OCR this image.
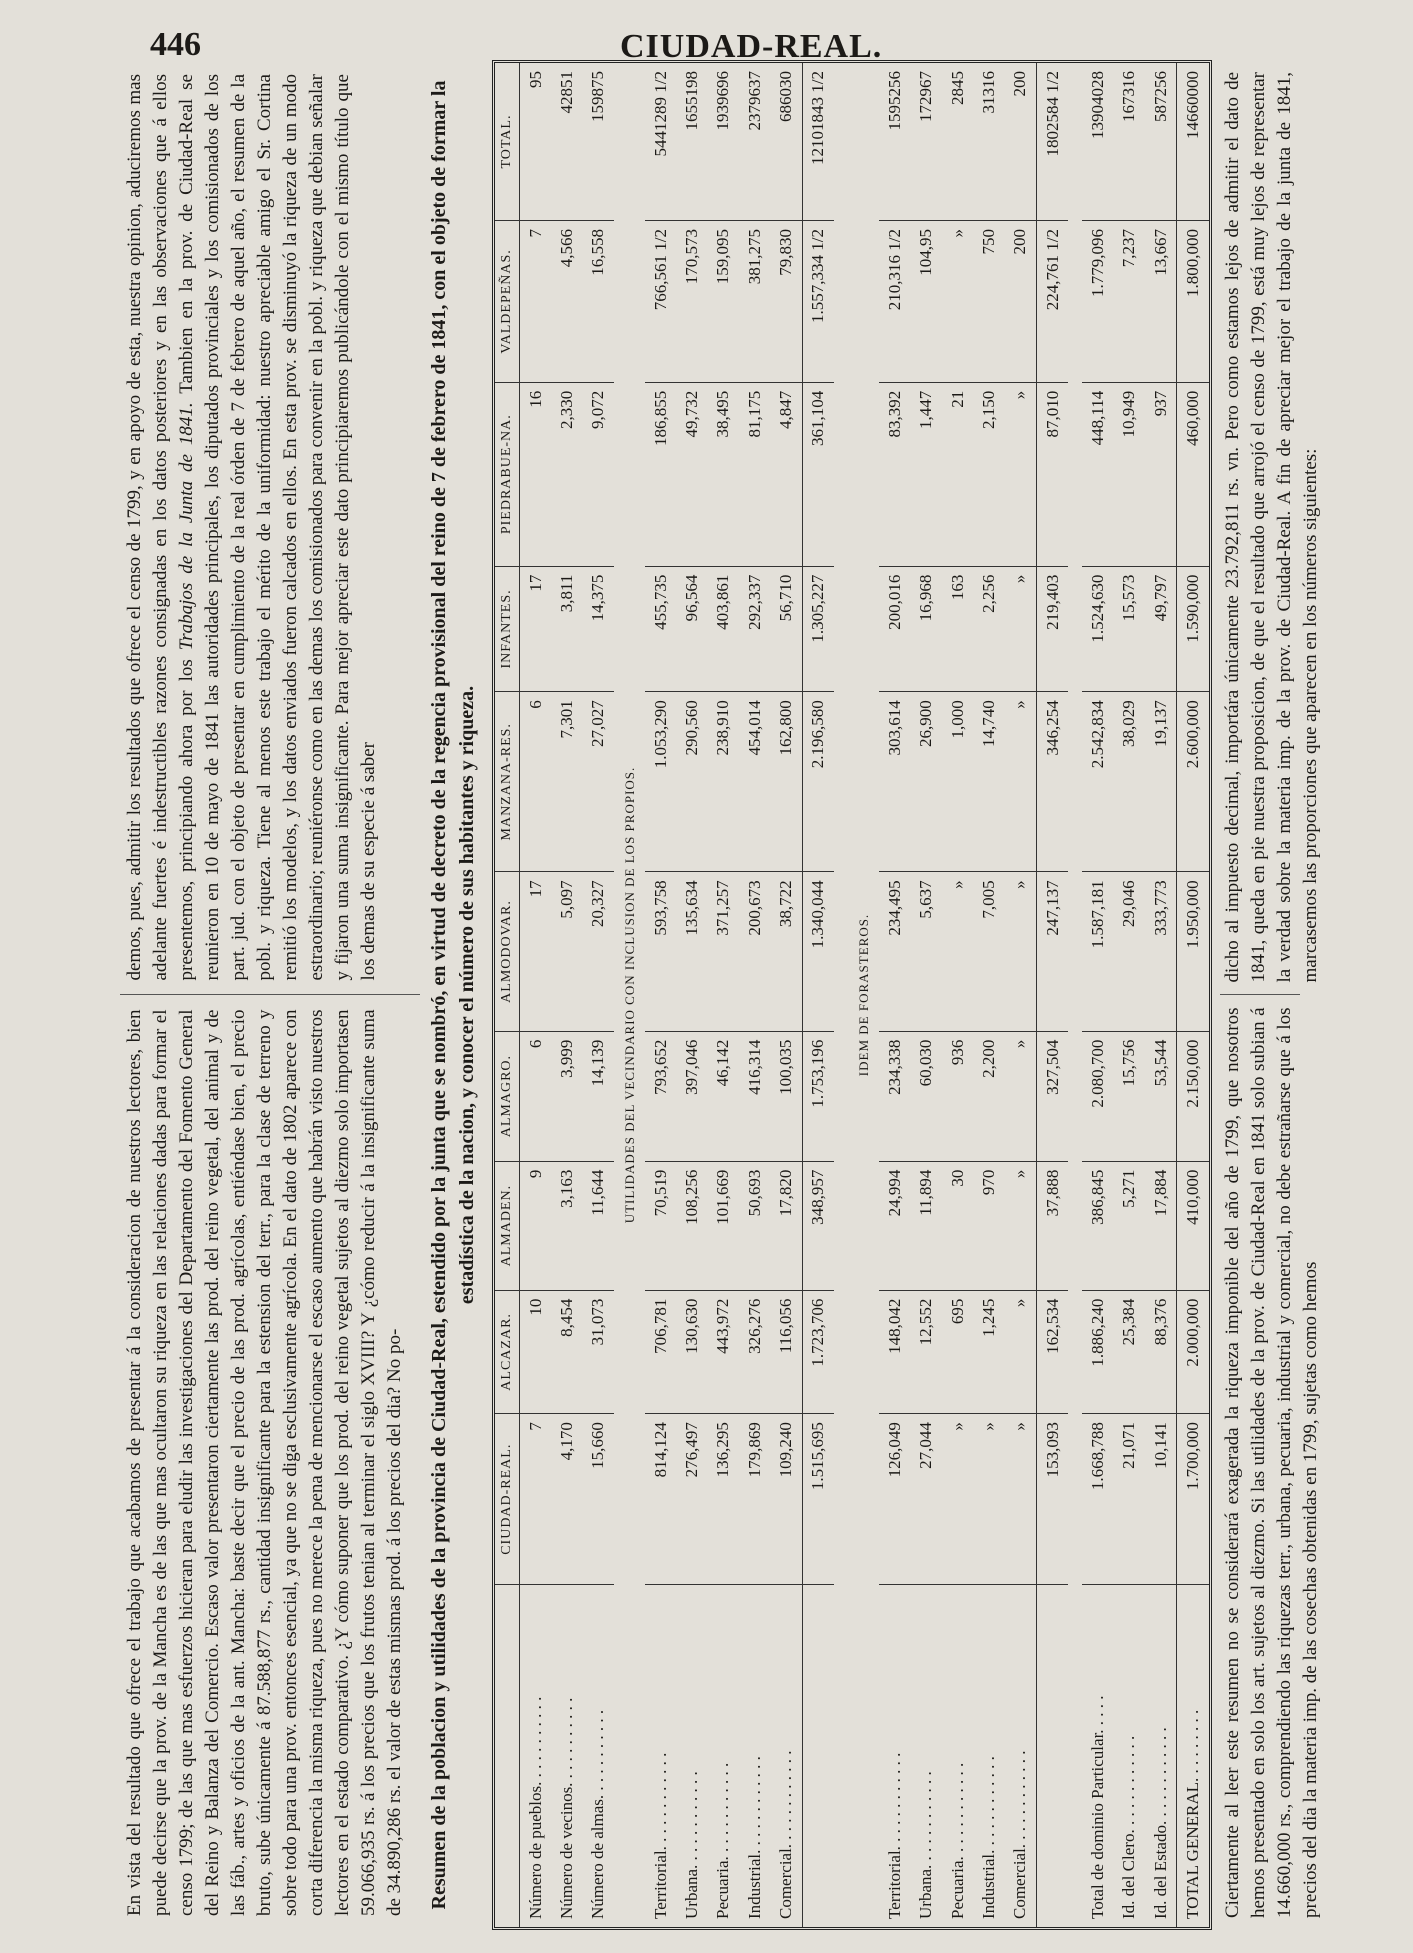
446	CIUDAD-REAL.

En vista del resultado que ofrece el trabajo que acabamos de presentar á la consideracion de nuestros lectores, bien puede decirse que la prov. de la Mancha es de las que mas ocultaron su riqueza en las relaciones dadas para formar el censo 1799; de las que mas esfuerzos hicieran para eludir las investigaciones del Departamento del Fomento General del Reino y Balanza del Comercio. Escaso valor presentaron ciertamente las prod. del reino vegetal, del animal y de las fáb., artes y oficios de la ant. Mancha: baste decir que el precio de las prod. agrícolas, entiéndase bien, el precio bruto, sube únicamente á 87.588,877 rs., cantidad insignificante para la estension del terr., para la clase de terreno y sobre todo para una prov. entonces esencial, ya que no se diga esclusivamente agrícola. En el dato de 1802 aparece con corta diferencia la misma riqueza, pues no merece la pena de mencionarse el escaso aumento que habrán visto nuestros lectores en el estado comparativo. ¿Y cómo suponer que los prod. del reino vegetal sujetos al diezmo solo importasen 59.066,935 rs. á los precios que los frutos tenian al terminar el siglo XVIII? Y ¿cómo reducir á la insignificante suma de 34.890,286 rs. el valor de estas mismas prod. á los precios del dia? No po-

demos, pues, admitir los resultados que ofrece el censo de 1799, y en apoyo de esta, nuestra opinion, aduciremos mas adelante fuertes é indestructibles razones consignadas en los datos posteriores y en las observaciones que á ellos presentemos, principiando ahora por los Trabajos de la Junta de 1841. Tambien en la prov. de Ciudad-Real se reunieron en 10 de mayo de 1841 las autoridades principales, los diputados provinciales y los comisionados de los part. jud. con el objeto de presentar en cumplimiento de la real órden de 7 de febrero de aquel año, el resumen de la pobl. y riqueza. Tiene al menos este trabajo el mérito de la uniformidad: nuestro apreciable amigo el Sr. Cortina remitió los modelos, y los datos enviados fueron calcados en ellos. En esta prov. se disminuyó la riqueza de un modo estraordinario; reuniéronse como en las demas los comisionados para convenir en la pobl. y riqueza que debian señalar y fijaron una suma insignificante. Para mejor apreciar este dato principiaremos publicándole con el mismo título que los demas de su especie á saber Resumen de la poblacion y utilidades de la provincia de Ciudad-Real, estendido por la junta que se nombró, en virtud de decreto de la regencia provisional del reino de 7 de febrero de 1841, con el objeto de formar la estadística de la nacion, y conocer el número de sus habitantes y riqueza.
	CIUDAD-REAL.	ALCAZAR.	ALMADEN.	ALMAGRO.	ALMODOVAR.	MANZANA-RES.	INFANTES.	PIEDRABUE-NA.	VALDEPEÑAS.	TOTAL.
Número de pueblos. . . . . . . . . . .	7	10	9	6	17	6	17	16	7	95
Número de vecinos. . . . . . . . . . .	4,170	8,454	3,163	3,999	5,097	7,301	3,811	2,330	4,566	42851
Número de almas. . . . . . . . . . .	15,660	31,073	11,644	14,139	20,327	27,027	14,375	9,072	16,558	159875
UTILIDADES DEL VECINDARIO CON INCLUSION DE LOS PROPIOS.										
Territorial. . . . . . . . . . . .	814,124	706,781	70,519	793,652	593,758	1.053,290	455,735	186,855	766,561 1/2	5441289 1/2
Urbana. . . . . . . . . . . .	276,497	130,630	108,256	397,046	135,634	290,560	96,564	49,732	170,573	1655198
Pecuaria. . . . . . . . . . . .	136,295	443,972	101,669	46,142	371,257	238,910	403,861	38,495	159,095	1939696
Industrial. . . . . . . . . . . .	179,869	326,276	50,693	416,314	200,673	454,014	292,337	81,175	381,275	2379637
Comercial. . . . . . . . . . . .	109,240	116,056	17,820	100,035	38,722	162,800	56,710	4,847	79,830	686030
	1.515,695	1.723,706	348,957	1.753,196	1.340,044	2.196,580	1.305,227	361,104	1.557,334 1/2	12101843 1/2

IDEM DE FORASTEROS.										
Territorial. . . . . . . . . . . .	126,049	148,042	24,994	234,338	234,495	303,614	200,016	83,392	210,316 1/2	1595256
Urbana. . . . . . . . . . . .	27,044	12,552	11,894	60,030	5,637	26,900	16,968	1,447	104,95	172967
Pecuaria. . . . . . . . . . . .	»	695	30	936	»	1,000	163	21	»	2845
Industrial. . . . . . . . . . . .	»	1,245	970	2,200	7,005	14,740	2,256	2,150	750	31316
Comercial. . . . . . . . . . . .	»	»	»	»	»	»	»	»	200	200
	153,093	162,534	37,888	327,504	247,137	346,254	219,403	87,010	224,761 1/2	1802584 1/2

Total de dominio Particular. . . . .	1.668,788	1.886,240	386,845	2.080,700	1.587,181	2.542,834	1.524,630	448,114	1.779,096	13904028
Id. del Clero. . . . . . . . . . . .	21,071	25,384	5,271	15,756	29,046	38,029	15,573	10,949	7,237	167316
Id. del Estado. . . . . . . . . . . .	10,141	88,376	17,884	53,544	333,773	19,137	49,797	937	13,667	587256
TOTAL GENERAL. . . . . . . . .	1.700,000	2.000,000	410,000	2.150,000	1.950,000	2.600,000	1.590,000	460,000	1.800,000	14660000
Ciertamente al leer este resumen no se considerará exagerada la riqueza imponible del año de 1799, que nosotros hemos presentado en solo los art. sujetos al diezmo. Si las utilidades de la prov. de Ciudad-Real en 1841 solo subian á 14.660,000 rs., comprendiendo las riquezas terr., urbana, pecuaria, industrial y comercial, no debe estrañarse que á los precios del dia la materia imp. de las cosechas obtenidas en 1799, sujetas como hemos
dicho al impuesto decimal, importára únicamente 23.792,811 rs. vn. Pero como estamos lejos de admitir el dato de 1841, queda en pie nuestra proposicion, de que el resultado que arrojó el censo de 1799, está muy lejos de representar la verdad sobre la materia imp. de la prov. de Ciudad-Real. A fin de apreciar mejor el trabajo de la junta de 1841, marcasemos las proporciones que aparecen en los números siguientes:
